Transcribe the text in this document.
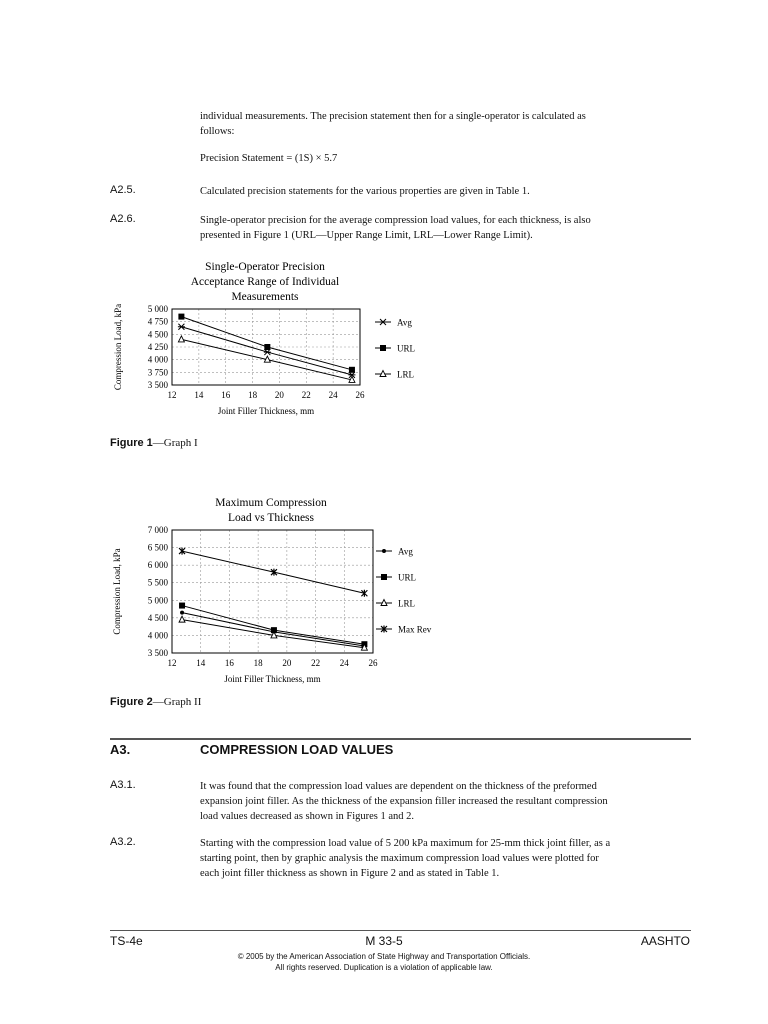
individual measurements. The precision statement then for a single-operator is calculated as
follows:
Precision Statement = (1S) × 5.7
A2.5.	Calculated precision statements for the various properties are given in Table 1.
A2.6.	Single-operator precision for the average compression load values, for each thickness, is also
presented in Figure 1 (URL—Upper Range Limit, LRL—Lower Range Limit).
Single-Operator Precision
Acceptance Range of Individual
Measurements
12 14 16 18 20 22 24 26
5 000
4 750
4 500
4 250
4 000
3 750
3 500
Joint Filler Thickness, mm
Compression Load, kPa	Avg
URL
LRL
Figure 1—Graph I
Maximum Compression
Load vs Thickness
12 14 16 18 20 22 24 26
7 000
6 500
6 000
5 500
5 000
4 500
4 000
3 500
Joint Filler Thickness, mm
Compression Load, kPa	Avg
URL
LRL
Max Rev
Figure 2—Graph II
A3.	COMPRESSION LOAD VALUES
A3.1.	It was found that the compression load values are dependent on the thickness of the preformed
expansion joint filler. As the thickness of the expansion filler increased the resultant compression
load values decreased as shown in Figures 1 and 2.
A3.2.	Starting with the compression load value of 5 200 kPa maximum for 25-mm thick joint filler, as a
starting point, then by graphic analysis the maximum compression load values were plotted for
each joint filler thickness as shown in Figure 2 and as stated in Table 1.
TS-4e	M 33-5	AASHTO
© 2005 by the American Association of State Highway and Transportation Officials.
All rights reserved. Duplication is a violation of applicable law.
